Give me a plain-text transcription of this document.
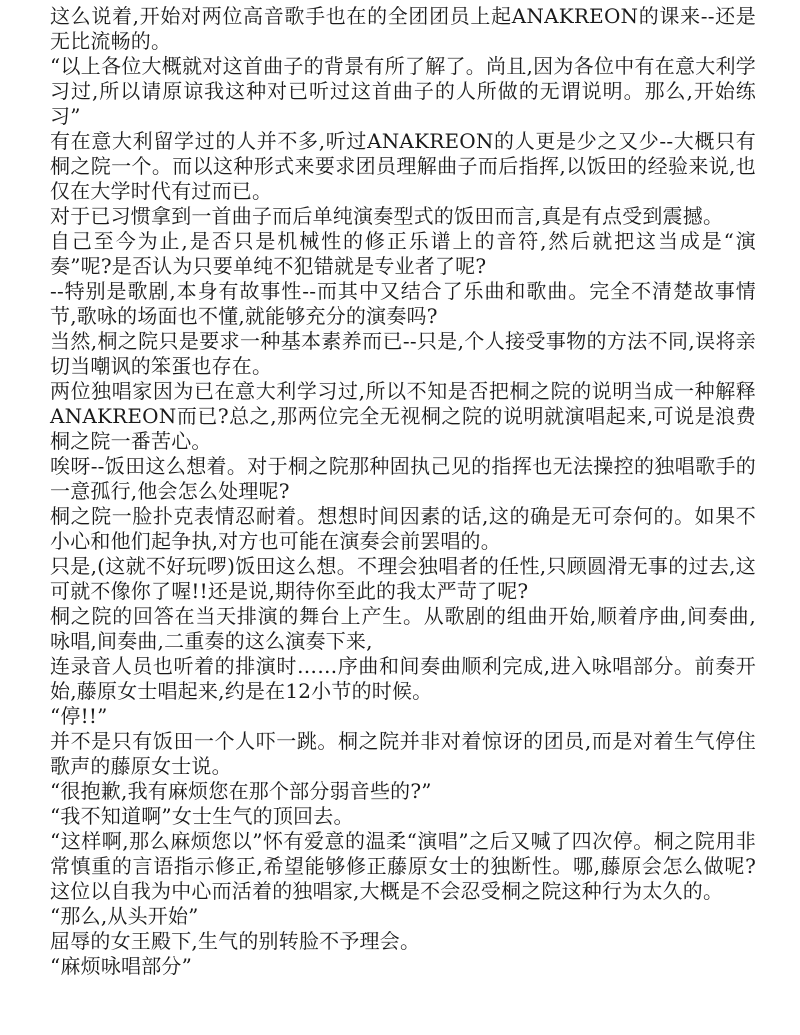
这么说着,开始对两位高音歌手也在的全团团员上起ANAKREON的课来--还是无比流畅的。

“以上各位大概就对这首曲子的背景有所了解了。尚且,因为各位中有在意大利学习过,所以请原谅我这种对已听过这首曲子的人所做的无谓说明。那么,开始练习”

有在意大利留学过的人并不多,听过ANAKREON的人更是少之又少--大概只有桐之院一个。而以这种形式来要求团员理解曲子而后指挥,以饭田的经验来说,也仅在大学时代有过而已。

对于已习惯拿到一首曲子而后单纯演奏型式的饭田而言,真是有点受到震撼。

自己至今为止,是否只是机械性的修正乐谱上的音符,然后就把这当成是“演奏”呢?是否认为只要单纯不犯错就是专业者了呢?

--特别是歌剧,本身有故事性--而其中又结合了乐曲和歌曲。完全不清楚故事情节,歌咏的场面也不懂,就能够充分的演奏吗?

当然,桐之院只是要求一种基本素养而已--只是,个人接受事物的方法不同,误将亲切当嘲讽的笨蛋也存在。

两位独唱家因为已在意大利学习过,所以不知是否把桐之院的说明当成一种解释ANAKREON而已?总之,那两位完全无视桐之院的说明就演唱起来,可说是浪费桐之院一番苦心。

唉呀--饭田这么想着。对于桐之院那种固执己见的指挥也无法操控的独唱歌手的一意孤行,他会怎么处理呢?

桐之院一脸扑克表情忍耐着。想想时间因素的话,这的确是无可奈何的。如果不小心和他们起争执,对方也可能在演奏会前罢唱的。

只是,(这就不好玩啰)饭田这么想。不理会独唱者的任性,只顾圆滑无事的过去,这可就不像你了喔!!还是说,期待你至此的我太严苛了呢?

桐之院的回答在当天排演的舞台上产生。从歌剧的组曲开始,顺着序曲,间奏曲,咏唱,间奏曲,二重奏的这么演奏下来,

连录音人员也听着的排演时……序曲和间奏曲顺利完成,进入咏唱部分。前奏开始,藤原女士唱起来,约是在12小节的时候。

“停!!”

并不是只有饭田一个人吓一跳。桐之院并非对着惊讶的团员,而是对着生气停住歌声的藤原女士说。

“很抱歉,我有麻烦您在那个部分弱音些的?”

“我不知道啊”女士生气的顶回去。

“这样啊,那么麻烦您以”怀有爱意的温柔“演唱”之后又喊了四次停。桐之院用非常慎重的言语指示修正,希望能够修正藤原女士的独断性。哪,藤原会怎么做呢?这位以自我为中心而活着的独唱家,大概是不会忍受桐之院这种行为太久的。

“那么,从头开始”

屈辱的女王殿下,生气的别转脸不予理会。

“麻烦咏唱部分”
